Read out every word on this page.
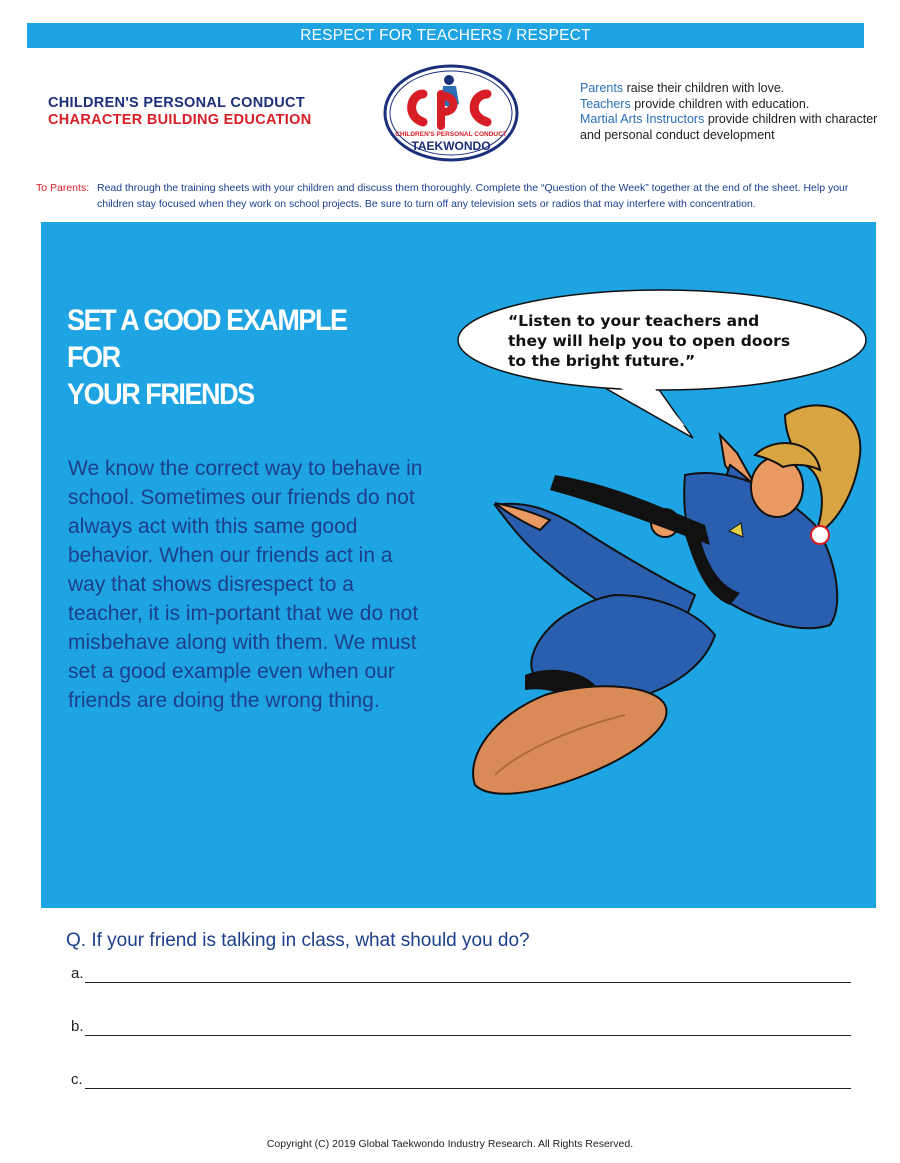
RESPECT FOR TEACHERS / RESPECT
CHILDREN'S PERSONAL CONDUCT
CHARACTER BUILDING EDUCATION
CHILDREN'S PERSONAL CONDUCT
TAEKWONDO
Parents raise their children with love.
Teachers provide children with education.
Martial Arts Instructors provide children with character and personal conduct development
To Parents: Read through the training sheets with your children and discuss them thoroughly. Complete the “Question of the Week” together at the end of the sheet. Help your children stay focused when they work on school projects. Be sure to turn off any television sets or radios that may interfere with concentration.
SET A GOOD EXAMPLE FOR
YOUR FRIENDS
We know the correct way to behave in school. Sometimes our friends do not always act with this same good behavior. When our friends act in a way that shows disrespect to a teacher, it is im-portant that we do not misbehave along with them. We must set a good example even when our friends are doing the wrong thing.
“Listen to your teachers and
they will help you to open doors
to the bright future.”
Q. If your friend is talking in class, what should you do?
a.
b.
c.
Copyright (C) 2019 Global Taekwondo Industry Research. All Rights Reserved.
